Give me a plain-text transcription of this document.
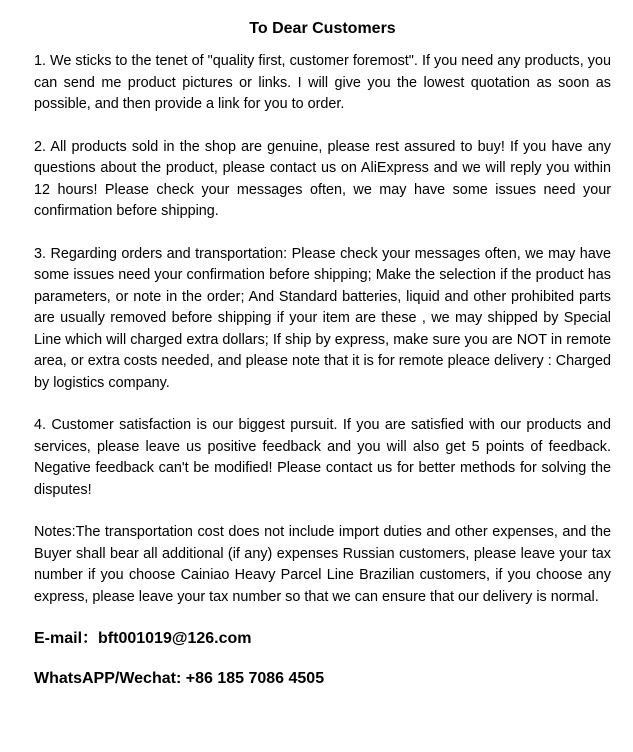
To Dear Customers
1. We sticks to the tenet of "quality first, customer foremost". If you need any products, you can send me product pictures or links. I will give you the lowest quotation as soon as possible, and then provide a link for you to order.
2. All products sold in the shop are genuine, please rest assured to buy! If you have any questions about the product, please contact us on AliExpress and we will reply you within 12 hours! Please check your messages often, we may have some issues need your confirmation before shipping.
3. Regarding orders and transportation: Please check your messages often, we may have some issues need your confirmation before shipping; Make the selection if the product has parameters, or note in the order; And Standard batteries, liquid and other prohibited parts are usually removed before shipping if your item are these , we may shipped by Special Line which will charged extra dollars; If ship by express, make sure you are NOT in remote area, or extra costs needed, and please note that it is for remote pleace delivery : Charged by logistics company.
4. Customer satisfaction is our biggest pursuit. If you are satisfied with our products and services, please leave us positive feedback and you will also get 5 points of feedback. Negative feedback can't be modified! Please contact us for better methods for solving the disputes!
Notes:The transportation cost does not include import duties and other expenses, and the Buyer shall bear all additional (if any) expenses Russian customers, please leave your tax number if you choose Cainiao Heavy Parcel Line Brazilian customers, if you choose any express, please leave your tax number so that we can ensure that our delivery is normal.
E-mail：bft001019@126.com
WhatsAPP/Wechat: +86 185 7086 4505
